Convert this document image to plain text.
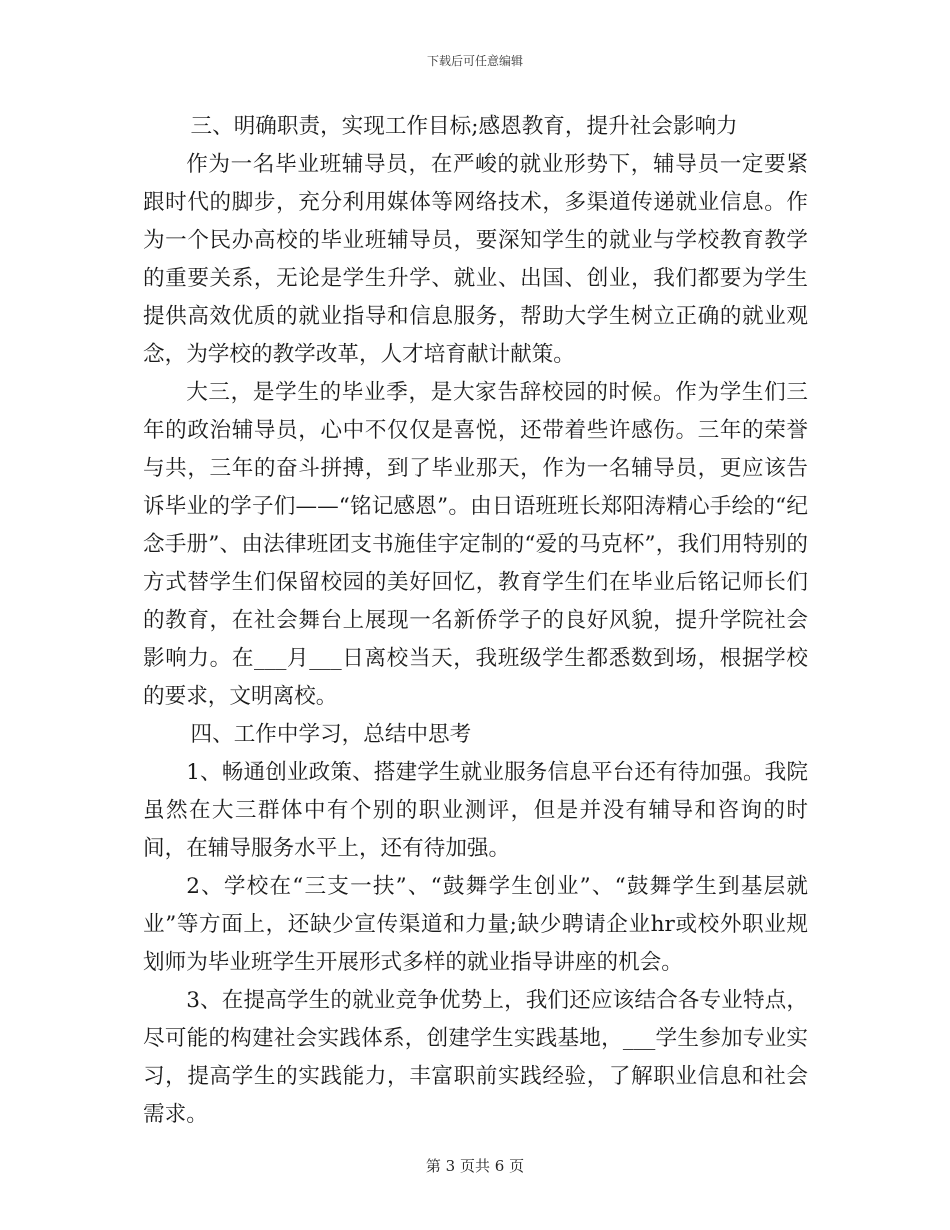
下载后可任意编辑

三、明确职责，实现工作目标;感恩教育，提升社会影响力

作为一名毕业班辅导员，在严峻的就业形势下，辅导员一定要紧跟时代的脚步，充分利用媒体等网络技术，多渠道传递就业信息。作为一个民办高校的毕业班辅导员，要深知学生的就业与学校教育教学的重要关系，无论是学生升学、就业、出国、创业，我们都要为学生提供高效优质的就业指导和信息服务，帮助大学生树立正确的就业观念，为学校的教学改革，人才培育献计献策。

大三，是学生的毕业季，是大家告辞校园的时候。作为学生们三年的政治辅导员，心中不仅仅是喜悦，还带着些许感伤。三年的荣誉与共，三年的奋斗拼搏，到了毕业那天，作为一名辅导员，更应该告诉毕业的学子们——“铭记感恩”。由日语班班长郑阳涛精心手绘的“纪念手册”、由法律班团支书施佳宇定制的“爱的马克杯”，我们用特别的方式替学生们保留校园的美好回忆，教育学生们在毕业后铭记师长们的教育，在社会舞台上展现一名新侨学子的良好风貌，提升学院社会影响力。在___月___日离校当天，我班级学生都悉数到场，根据学校的要求，文明离校。

四、工作中学习，总结中思考

1、畅通创业政策、搭建学生就业服务信息平台还有待加强。我院虽然在大三群体中有个别的职业测评，但是并没有辅导和咨询的时间，在辅导服务水平上，还有待加强。

2、学校在“三支一扶”、“鼓舞学生创业”、“鼓舞学生到基层就业”等方面上，还缺少宣传渠道和力量;缺少聘请企业hr或校外职业规划师为毕业班学生开展形式多样的就业指导讲座的机会。

3、在提高学生的就业竞争优势上，我们还应该结合各专业特点，尽可能的构建社会实践体系，创建学生实践基地，___学生参加专业实习，提高学生的实践能力，丰富职前实践经验，了解职业信息和社会需求。

第 3 页共 6 页
